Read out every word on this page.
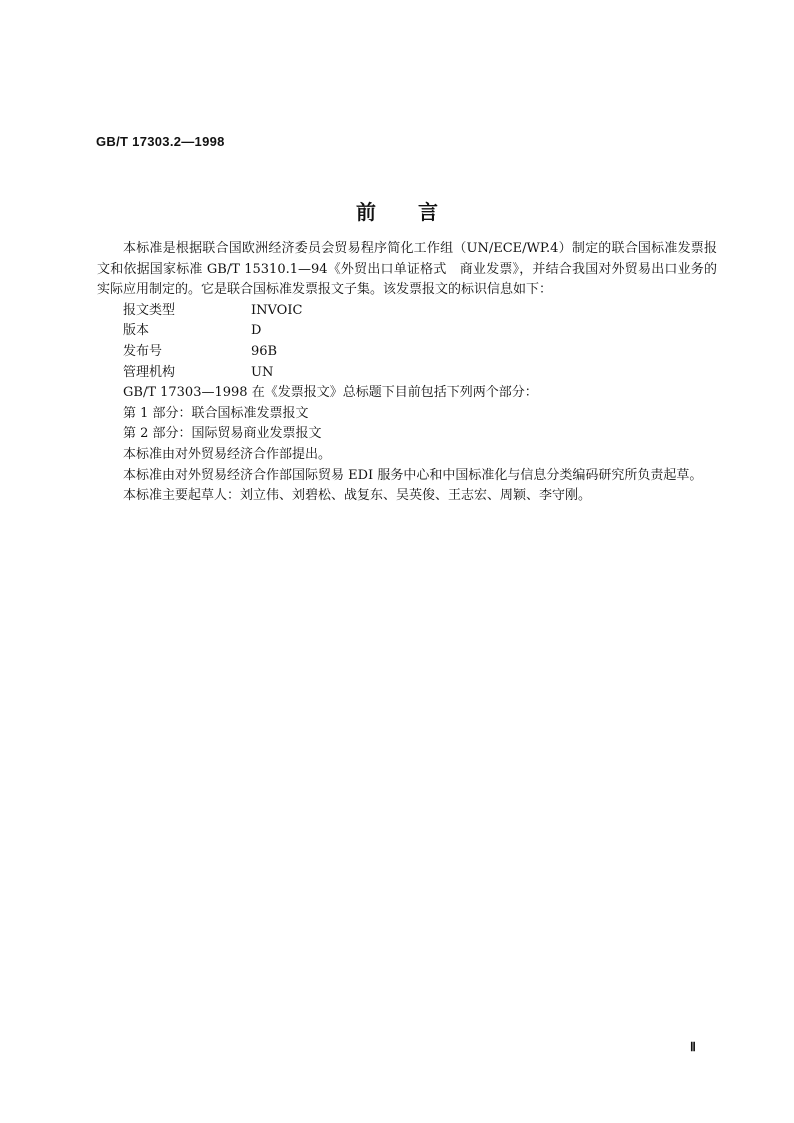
GB/T 17303.2—1998
前 言

本标准是根据联合国欧洲经济委员会贸易程序简化工作组（UN/ECE/WP.4）制定的联合国标准发票报文和依据国家标准 GB/T 15310.1—94《外贸出口单证格式　商业发票》，并结合我国对外贸易出口业务的实际应用制定的。它是联合国标准发票报文子集。该发票报文的标识信息如下：

报文类型	INVOIC
版本	D
发布号	96B
管理机构	UN

GB/T 17303—1998 在《发票报文》总标题下目前包括下列两个部分：

第 1 部分：联合国标准发票报文

第 2 部分：国际贸易商业发票报文

本标准由对外贸易经济合作部提出。

本标准由对外贸易经济合作部国际贸易 EDI 服务中心和中国标准化与信息分类编码研究所负责起草。

本标准主要起草人：刘立伟、刘碧松、战复东、吴英俊、王志宏、周颖、李守刚。

Ⅱ
